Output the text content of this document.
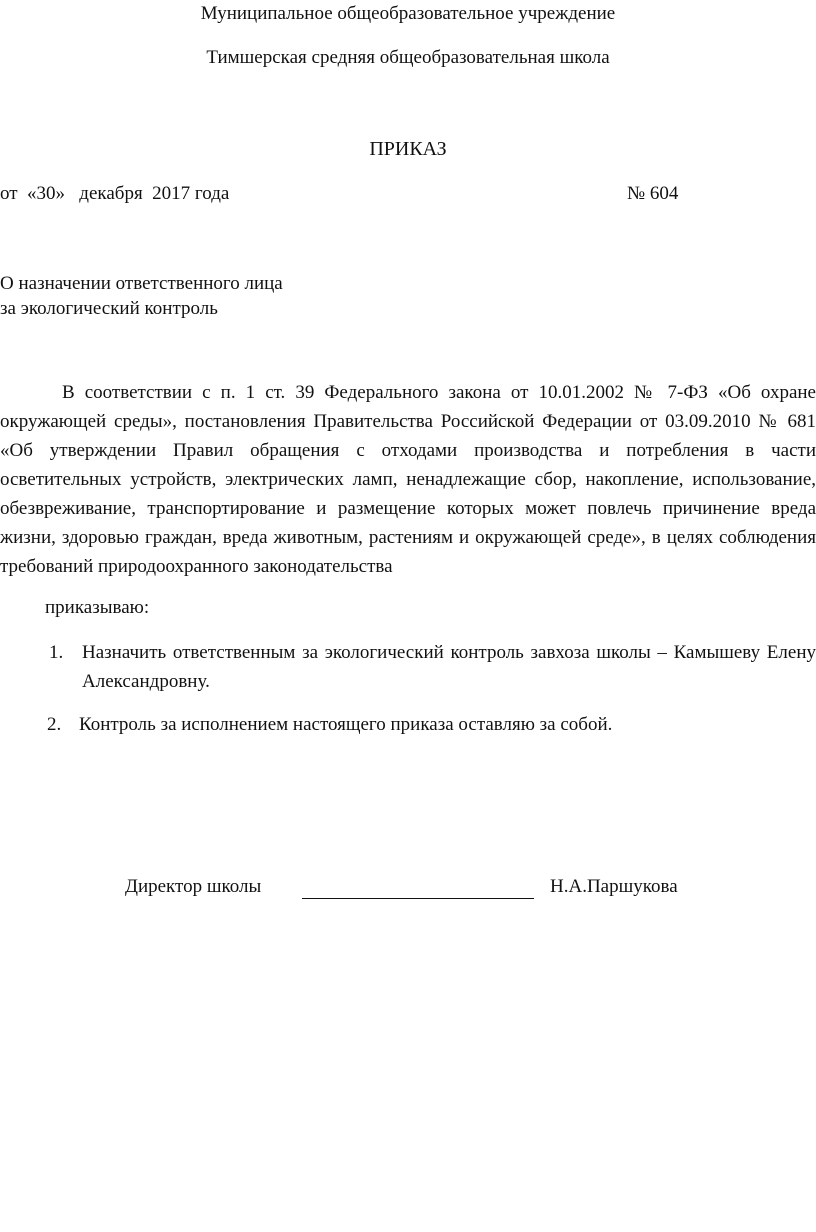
Муниципальное общеобразовательное учреждение
Тимшерская средняя общеобразовательная школа
ПРИКАЗ
от  «30»   декабря  2017 года	№ 604
О назначении ответственного лица
за экологический контроль

В соответствии с п. 1 ст. 39 Федерального закона от 10.01.2002 № 7-ФЗ «Об охране окружающей среды», постановления Правительства Российской Федерации от 03.09.2010 № 681 «Об утверждении Правил обращения с отходами производства и потребления в части осветительных устройств, электрических ламп, ненадлежащие сбор, накопление, использование, обезвреживание, транспортирование и размещение которых может повлечь причинение вреда жизни, здоровью граждан, вреда животным, растениям и окружающей среде», в целях соблюдения требований природоохранного законодательства

приказываю:
1. Назначить ответственным за экологический контроль завхоза школы – Камышеву Елену Александровну.
2. Контроль за исполнением настоящего приказа оставляю за собой.
Директор школы	Н.А.Паршукова
